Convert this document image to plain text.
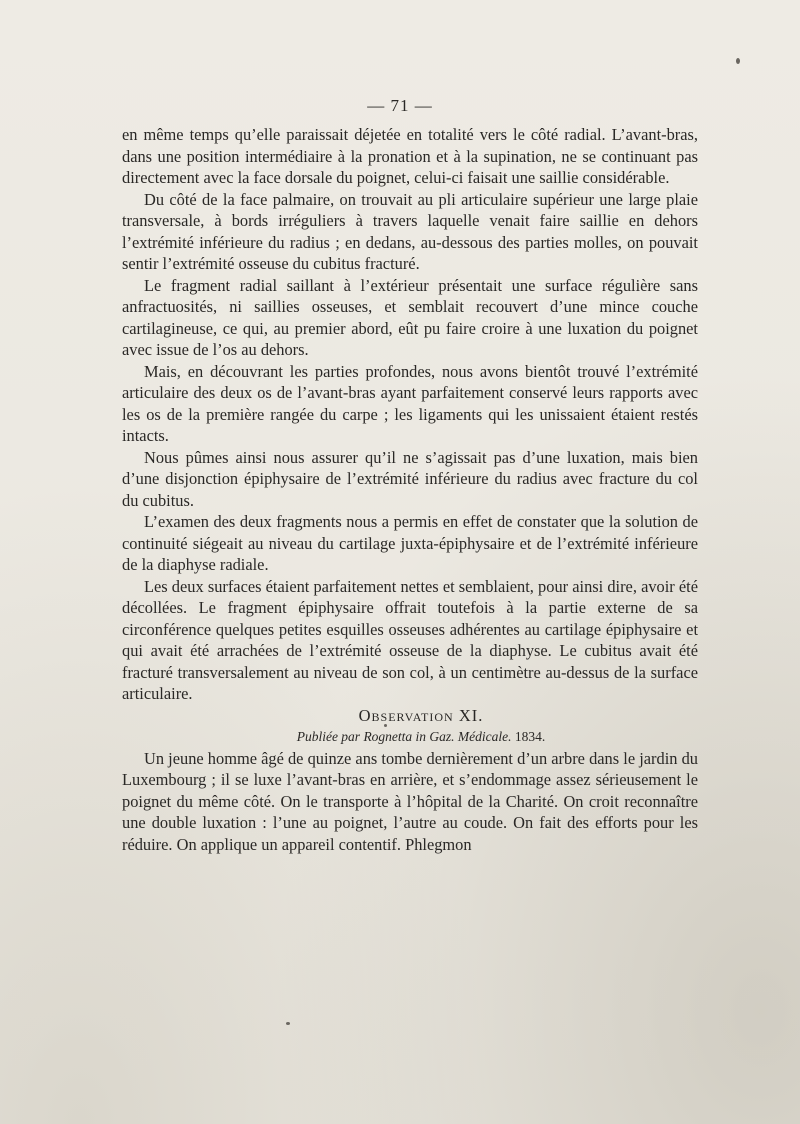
— 71 —

en même temps qu’elle paraissait déjetée en totalité vers le côté radial. L’avant-bras, dans une position intermédiaire à la pronation et à la supination, ne se continuant pas directement avec la face dorsale du poignet, celui-ci faisait une saillie considérable.

Du côté de la face palmaire, on trouvait au pli articulaire supérieur une large plaie transversale, à bords irréguliers à travers laquelle venait faire saillie en dehors l’extrémité inférieure du radius ; en dedans, au-dessous des parties molles, on pouvait sentir l’extrémité osseuse du cubitus fracturé.

Le fragment radial saillant à l’extérieur présentait une surface régulière sans anfractuosités, ni saillies osseuses, et semblait recouvert d’une mince couche cartilagineuse, ce qui, au premier abord, eût pu faire croire à une luxation du poignet avec issue de l’os au dehors.

Mais, en découvrant les parties profondes, nous avons bientôt trouvé l’extrémité articulaire des deux os de l’avant-bras ayant parfaitement conservé leurs rapports avec les os de la première rangée du carpe ; les ligaments qui les unissaient étaient restés intacts.

Nous pûmes ainsi nous assurer qu’il ne s’agissait pas d’une luxation, mais bien d’une disjonction épiphysaire de l’extrémité inférieure du radius avec fracture du col du cubitus.

L’examen des deux fragments nous a permis en effet de constater que la solution de continuité siégeait au niveau du cartilage juxta-épiphysaire et de l’extrémité inférieure de la diaphyse radiale.

Les deux surfaces étaient parfaitement nettes et semblaient, pour ainsi dire, avoir été décollées. Le fragment épiphysaire offrait toutefois à la partie externe de sa circonférence quelques petites esquilles osseuses adhérentes au cartilage épiphysaire et qui avait été arrachées de l’extrémité osseuse de la diaphyse. Le cubitus avait été fracturé transversalement au niveau de son col, à un centimètre au-dessus de la surface articulaire.

Observation XI.

Publiée par Rognetta in Gaz. Médicale. 1834.

Un jeune homme âgé de quinze ans tombe dernièrement d’un arbre dans le jardin du Luxembourg ; il se luxe l’avant-bras en arrière, et s’endommage assez sérieusement le poignet du même côté. On le transporte à l’hôpital de la Charité. On croit reconnaître une double luxation : l’une au poignet, l’autre au coude. On fait des efforts pour les réduire. On applique un appareil contentif. Phlegmon
